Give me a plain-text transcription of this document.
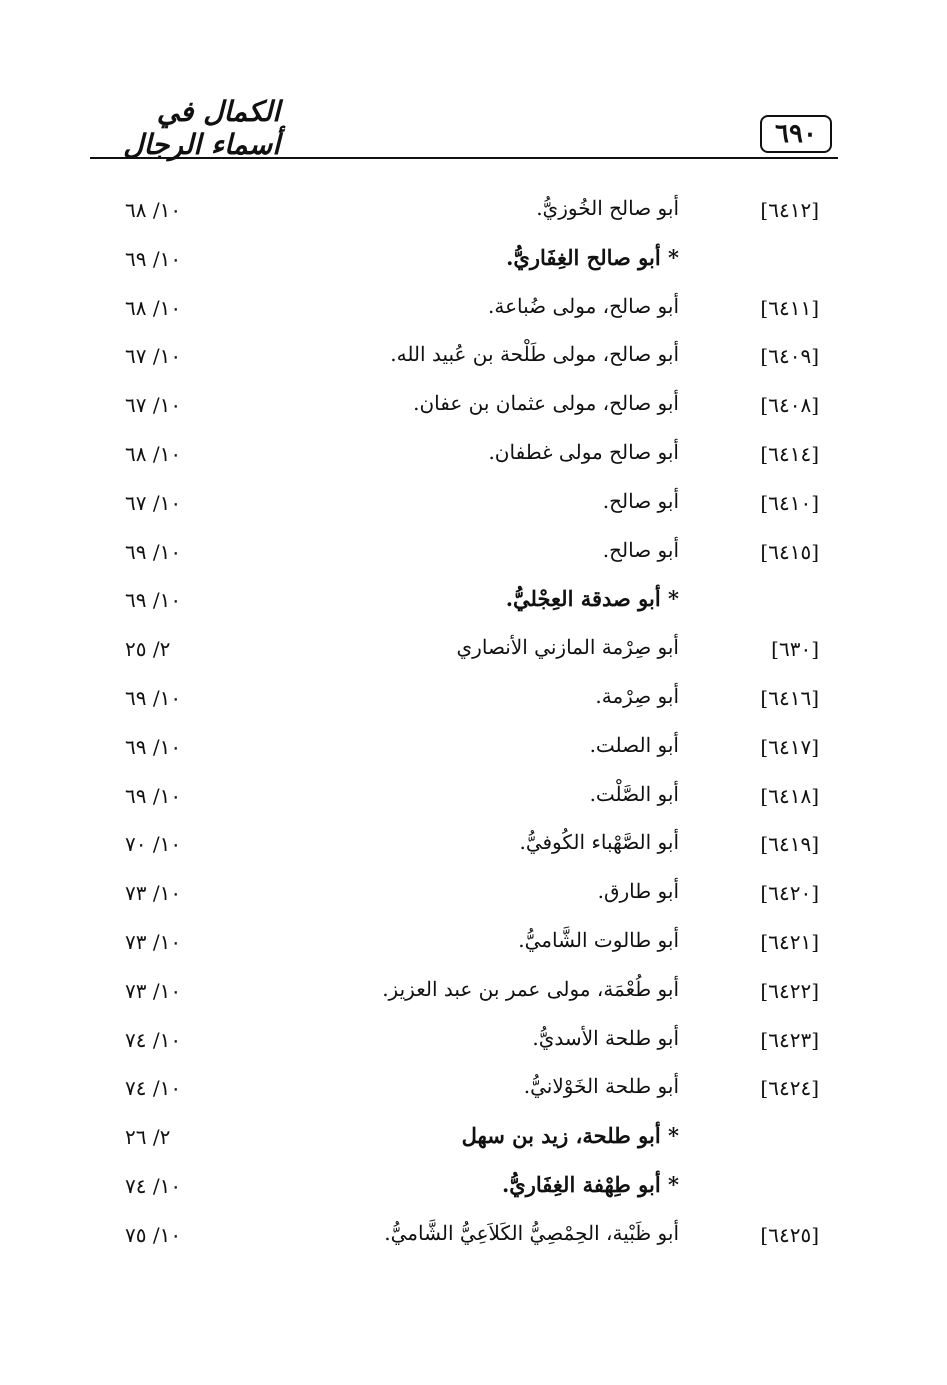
الكمال في أسماء الرجال	٦٩٠
[٦٤١٢]
أبو صالح الخُوزيُّ.
١٠/ ٦٨
* أبو صالح الغِفَاريُّ.
١٠/ ٦٩
[٦٤١١]
أبو صالح، مولى ضُباعة.
١٠/ ٦٨
[٦٤٠٩]
أبو صالح، مولى طَلْحة بن عُبيد الله.
١٠/ ٦٧
[٦٤٠٨]
أبو صالح، مولى عثمان بن عفان.
١٠/ ٦٧
[٦٤١٤]
أبو صالح مولى غطفان.
١٠/ ٦٨
[٦٤١٠]
أبو صالح.
١٠/ ٦٧
[٦٤١٥]
أبو صالح.
١٠/ ٦٩
* أبو صدقة العِجْليُّ.
١٠/ ٦٩
[٦٣٠]
أبو صِرْمة المازني الأنصاري
٢/ ٢٥
[٦٤١٦]
أبو صِرْمة.
١٠/ ٦٩
[٦٤١٧]
أبو الصلت.
١٠/ ٦٩
[٦٤١٨]
أبو الصَّلْت.
١٠/ ٦٩
[٦٤١٩]
أبو الصَّهْباء الكُوفيُّ.
١٠/ ٧٠
[٦٤٢٠]
أبو طارق.
١٠/ ٧٣
[٦٤٢١]
أبو طالوت الشَّاميُّ.
١٠/ ٧٣
[٦٤٢٢]
أبو طُعْمَة، مولى عمر بن عبد العزيز.
١٠/ ٧٣
[٦٤٢٣]
أبو طلحة الأسديُّ.
١٠/ ٧٤
[٦٤٢٤]
أبو طلحة الخَوْلانيُّ.
١٠/ ٧٤
* أبو طلحة، زيد بن سهل
٢/ ٢٦
* أبو طِهْفة الغِفَاريُّ.
١٠/ ٧٤
[٦٤٢٥]
أبو ظَبْية، الحِمْصِيُّ الكَلاَعِيُّ الشَّاميُّ.
١٠/ ٧٥
